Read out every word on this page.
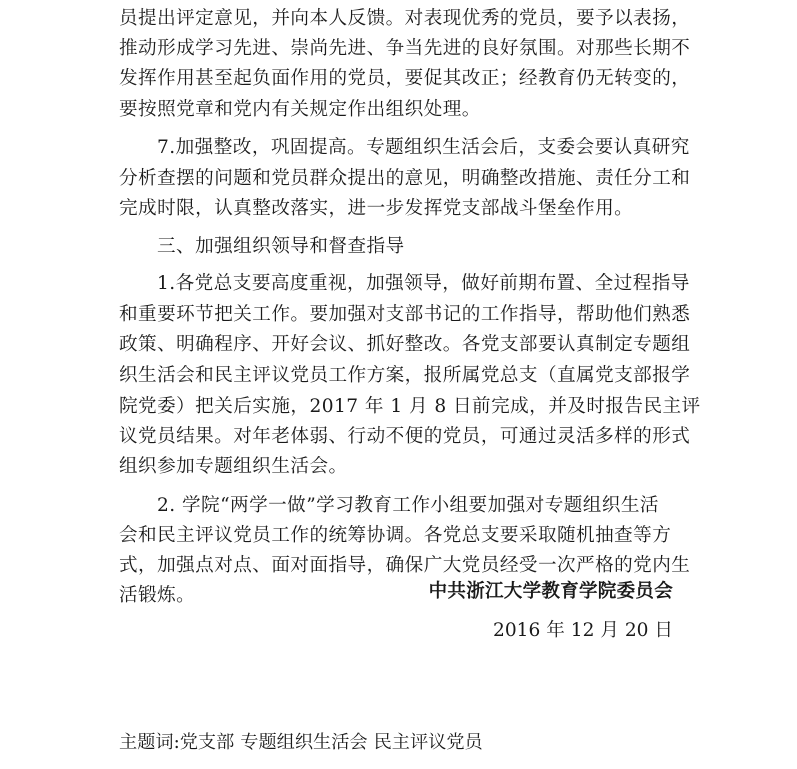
员提出评定意见，并向本人反馈。对表现优秀的党员，要予以表扬，
推动形成学习先进、崇尚先进、争当先进的良好氛围。对那些长期不
发挥作用甚至起负面作用的党员，要促其改正；经教育仍无转变的，
要按照党章和党内有关规定作出组织处理。
7.加强整改，巩固提高。专题组织生活会后，支委会要认真研究
分析查摆的问题和党员群众提出的意见，明确整改措施、责任分工和
完成时限，认真整改落实，进一步发挥党支部战斗堡垒作用。
三、加强组织领导和督查指导
1.各党总支要高度重视，加强领导，做好前期布置、全过程指导
和重要环节把关工作。要加强对支部书记的工作指导，帮助他们熟悉
政策、明确程序、开好会议、抓好整改。各党支部要认真制定专题组
织生活会和民主评议党员工作方案，报所属党总支（直属党支部报学
院党委）把关后实施，2017 年 1 月 8 日前完成，并及时报告民主评
议党员结果。对年老体弱、行动不便的党员，可通过灵活多样的形式
组织参加专题组织生活会。
2. 学院“两学一做”学习教育工作小组要加强对专题组织生活
会和民主评议党员工作的统筹协调。各党总支要采取随机抽查等方
式，加强点对点、面对面指导，确保广大党员经受一次严格的党内生
活锻炼。	中共浙江大学教育学院委员会
2016 年 12 月 20 日
主题词:党支部 专题组织生活会 民主评议党员
